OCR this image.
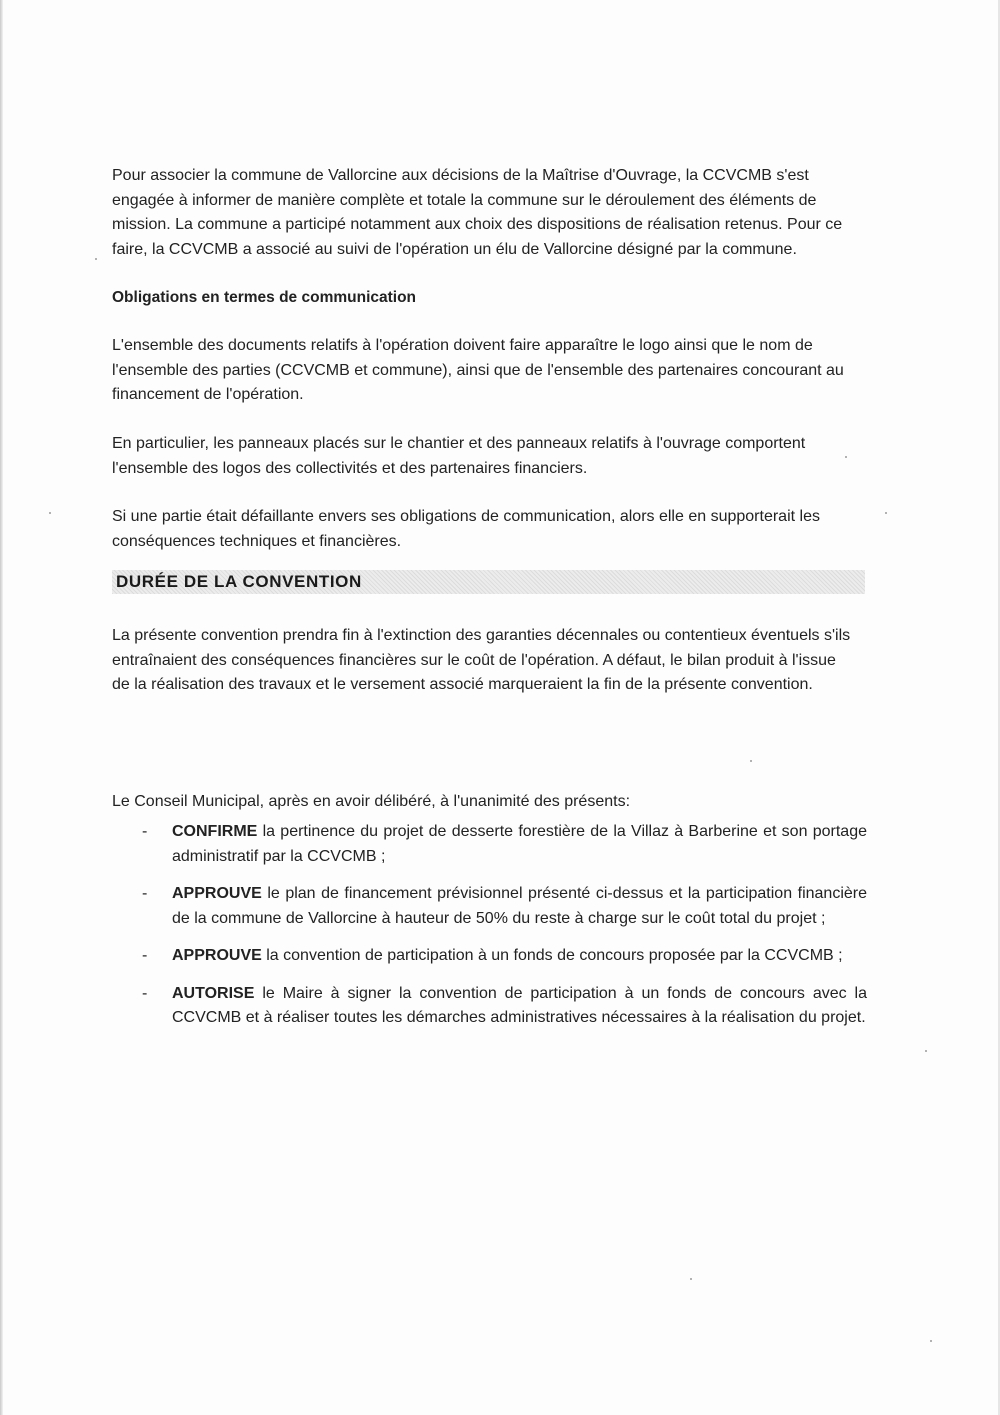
Pour associer la commune de Vallorcine aux décisions de la Maîtrise d'Ouvrage, la CCVCMB s'est engagée à informer de manière complète et totale la commune sur le déroulement des éléments de mission. La commune a participé notamment aux choix des dispositions de réalisation retenus. Pour ce faire, la CCVCMB a associé au suivi de l'opération un élu de Vallorcine désigné par la commune.

Obligations en termes de communication

L'ensemble des documents relatifs à l'opération doivent faire apparaître le logo ainsi que le nom de l'ensemble des parties (CCVCMB et commune), ainsi que de l'ensemble des partenaires concourant au financement de l'opération.

En particulier, les panneaux placés sur le chantier et des panneaux relatifs à l'ouvrage comportent l'ensemble des logos des collectivités et des partenaires financiers.

Si une partie était défaillante envers ses obligations de communication, alors elle en supporterait les conséquences techniques et financières.

DURÉE DE LA CONVENTION

La présente convention prendra fin à l'extinction des garanties décennales ou contentieux éventuels s'ils entraînaient des conséquences financières sur le coût de l'opération. A défaut, le bilan produit à l'issue de la réalisation des travaux et le versement associé marqueraient la fin de la présente convention.

Le Conseil Municipal, après en avoir délibéré, à l'unanimité des présents:

- CONFIRME la pertinence du projet de desserte forestière de la Villaz à Barberine et son portage administratif par la CCVCMB ;
- APPROUVE le plan de financement prévisionnel présenté ci-dessus et la participation financière de la commune de Vallorcine à hauteur de 50% du reste à charge sur le coût total du projet ;
- APPROUVE la convention de participation à un fonds de concours proposée par la CCVCMB ;
- AUTORISE le Maire à signer la convention de participation à un fonds de concours avec la CCVCMB et à réaliser toutes les démarches administratives nécessaires à la réalisation du projet.
